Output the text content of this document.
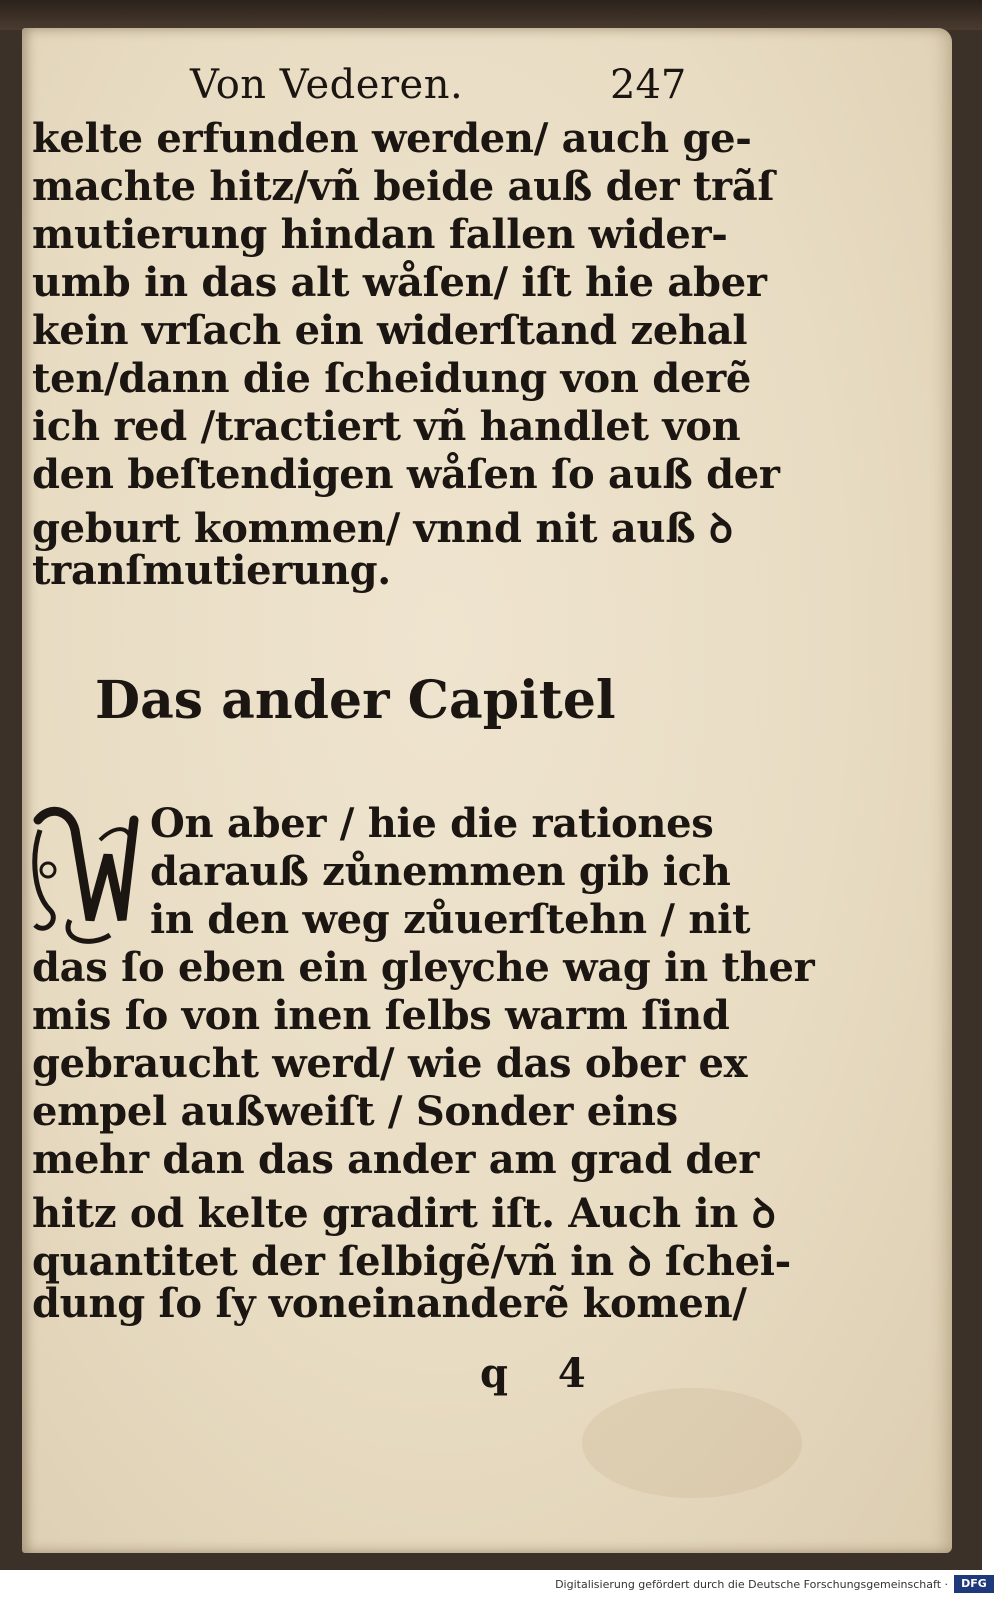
Von Vederen.	247
kelte erfunden werden/ auch ge‑
machte hitz/vñ beide auß der trãſ
mutierung hindan fallen wider‑
umb in das alt wåſen/ iſt hie aber
kein vrſach ein widerſtand zehal
ten/dann die ſcheidung von derẽ
ich red /tractiert vñ handlet von
den beſtendigen wåſen ſo auß der
geburt kommen/ vnnd nit auß ꝺ
tranſmutierung.
Das ander Capitel
On aber / hie die rationes
darauß zůnemmen gib ich
in den weg zůuerſtehn / nit
das ſo eben ein gleyche wag in ther
mis ſo von inen ſelbs warm ſind
gebraucht werd/ wie das ober ex
empel außweiſt / Sonder eins
mehr dan das ander am grad der
hitz od kelte gradirt iſt. Auch in ꝺ
quantitet der ſelbigẽ/vñ in ꝺ ſchei‑
dung ſo ſy voneinanderẽ komen/
q 4
Digitalisierung gefördert durch die Deutsche Forschungsgemeinschaft ·	DFG
